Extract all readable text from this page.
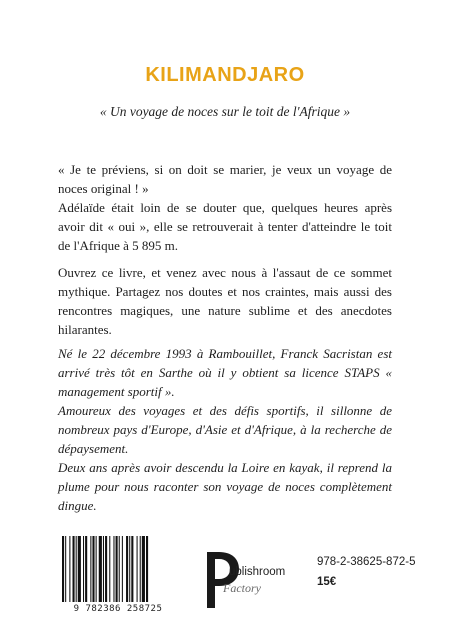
KILIMANDJARO
« Un voyage de noces sur le toit de l'Afrique »

« Je te préviens, si on doit se marier, je veux un voyage de noces original ! »
Adélaïde était loin de se douter que, quelques heures après avoir dit « oui », elle se retrouverait à tenter d'atteindre le toit de l'Afrique à 5 895 m.

Ouvrez ce livre, et venez avec nous à l'assaut de ce sommet mythique. Partagez nos doutes et nos craintes, mais aussi des rencontres magiques, une nature sublime et des anecdotes hilarantes.

Né le 22 décembre 1993 à Rambouillet, Franck Sacristan est arrivé très tôt en Sarthe où il y obtient sa licence STAPS « management sportif ».

Amoureux des voyages et des défis sportifs, il sillonne de nombreux pays d'Europe, d'Asie et d'Afrique, à la recherche de dépaysement.

Deux ans après avoir descendu la Loire en kayak, il reprend la plume pour nous raconter son voyage de noces complètement dingue.

9 782386 258725
ublishroom
Factory
978-2-38625-872-5
15€
